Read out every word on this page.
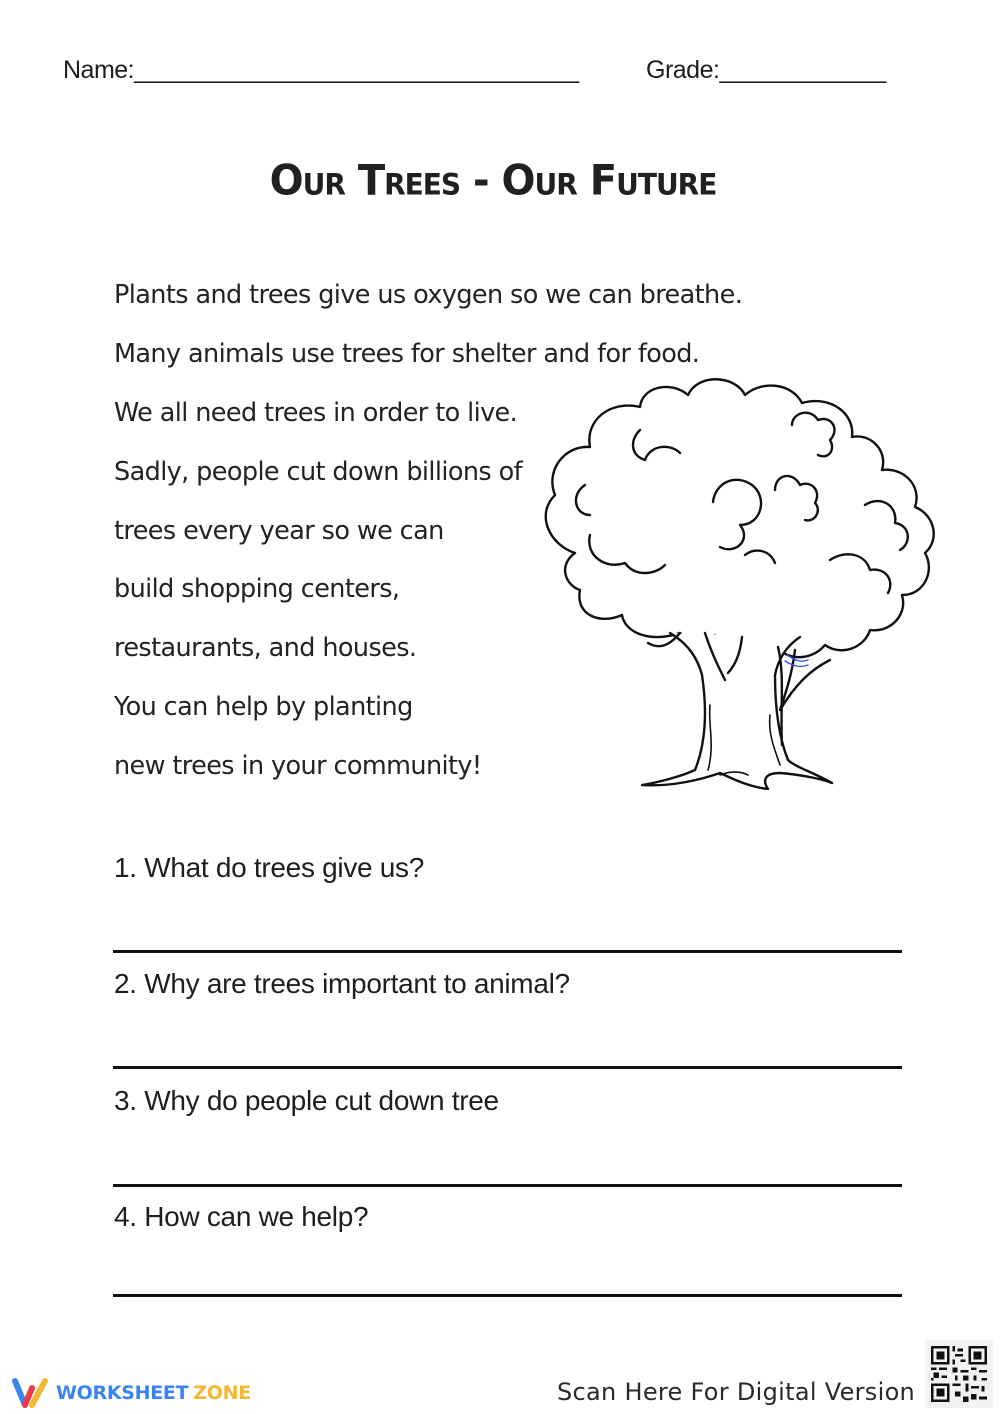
Name:________________________________	Grade:____________
Our Trees - Our Future
Plants and trees give us oxygen so we can breathe.
Many animals use trees for shelter and for food.
We all need trees in order to live.
Sadly, people cut down billions of
trees every year so we can
build shopping centers,
restaurants, and houses.
You can help by planting
new trees in your community!
1. What do trees give us?
2. Why are trees important to animal?
3. Why do people cut down tree
4. How can we help?
WORKSHEET ZONE	Scan Here For Digital Version
